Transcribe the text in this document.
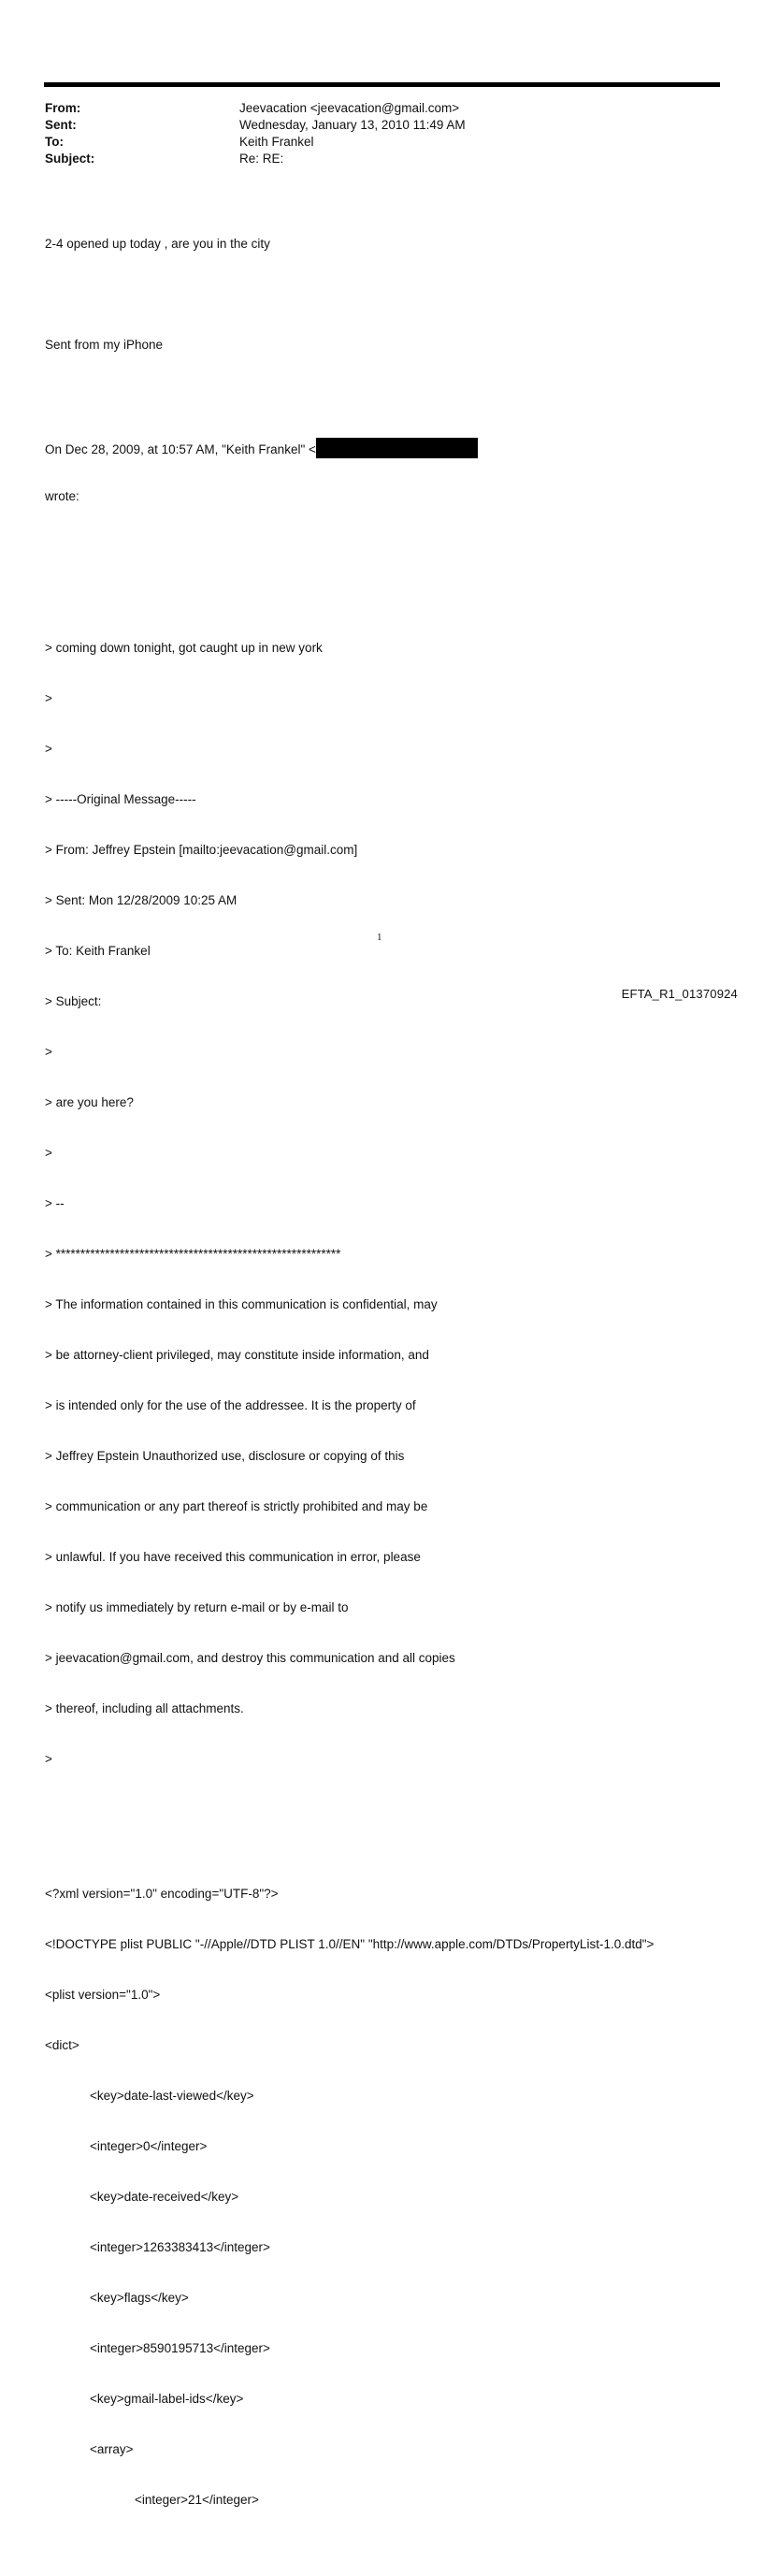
From:	Jeevacation <jeevacation@gmail.com>
Sent:	Wednesday, January 13, 2010 11:49 AM
To:	Keith Frankel
Subject:	Re: RE:

2-4 opened up today , are you in the city

Sent from my iPhone

On Dec 28, 2009, at 10:57 AM, "Keith Frankel" <

wrote:

> coming down tonight, got caught up in new york

>

>

> -----Original Message-----

> From: Jeffrey Epstein [mailto:jeevacation@gmail.com]

> Sent: Mon 12/28/2009 10:25 AM

> To: Keith Frankel

> Subject:

>

> are you here?

>

> --

> **********************************************************

> The information contained in this communication is confidential, may

> be attorney-client privileged, may constitute inside information, and

> is intended only for the use of the addressee. It is the property of

> Jeffrey Epstein Unauthorized use, disclosure or copying of this

> communication or any part thereof is strictly prohibited and may be

> unlawful. If you have received this communication in error, please

> notify us immediately by return e-mail or by e-mail to

> jeevacation@gmail.com, and destroy this communication and all copies

> thereof, including all attachments.

>

<?xml version="1.0" encoding="UTF-8"?>

<!DOCTYPE plist PUBLIC "-//Apple//DTD PLIST 1.0//EN" "http://www.apple.com/DTDs/PropertyList-1.0.dtd">

<plist version="1.0">

<dict>

<key>date-last-viewed</key>

<integer>0</integer>

<key>date-received</key>

<integer>1263383413</integer>

<key>flags</key>

<integer>8590195713</integer>

<key>gmail-label-ids</key>

<array>

<integer>21</integer>

1
EFTA_R1_01370924
